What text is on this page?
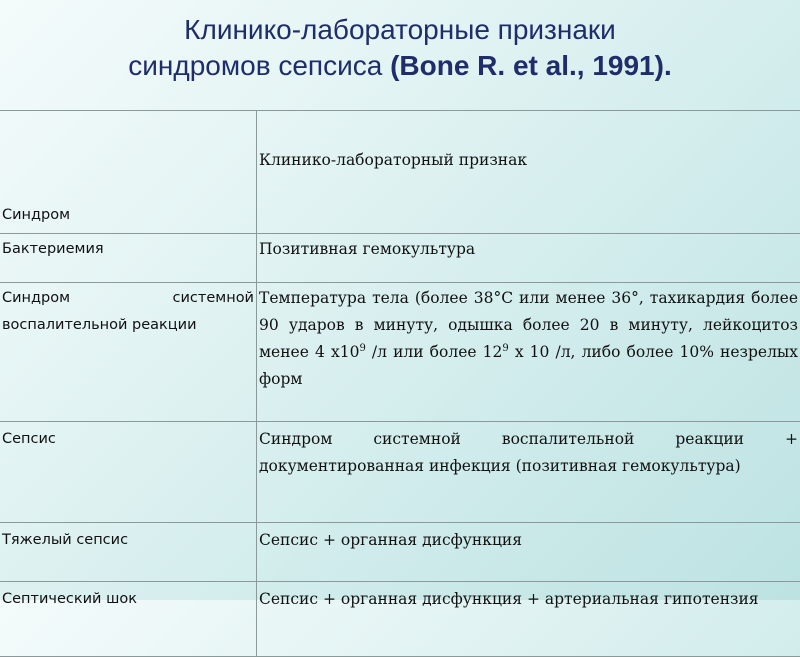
Клинико-лабораторные признаки
синдромов сепсиса (Bone R. et al., 1991).
Синдром	Клинико-лабораторный признак
Бактериемия	Позитивная гемокультура
Синдром системной воспалительной реакции	Температура тела (более 38°С или менее 36°, тахикардия более 90 ударов в минуту, одышка более 20 в минуту, лейкоцитоз менее 4 $х10^9$ /л или более $12^9$ х 10 /л, либо более 10% незрелых форм
Сепсис	Синдром системной воспалительной реакции + документированная инфекция (позитивная гемокультура)
Тяжелый сепсис	Сепсис + органная дисфункция
Септический шок	Сепсис + органная дисфункция + артериальная гипотензия
